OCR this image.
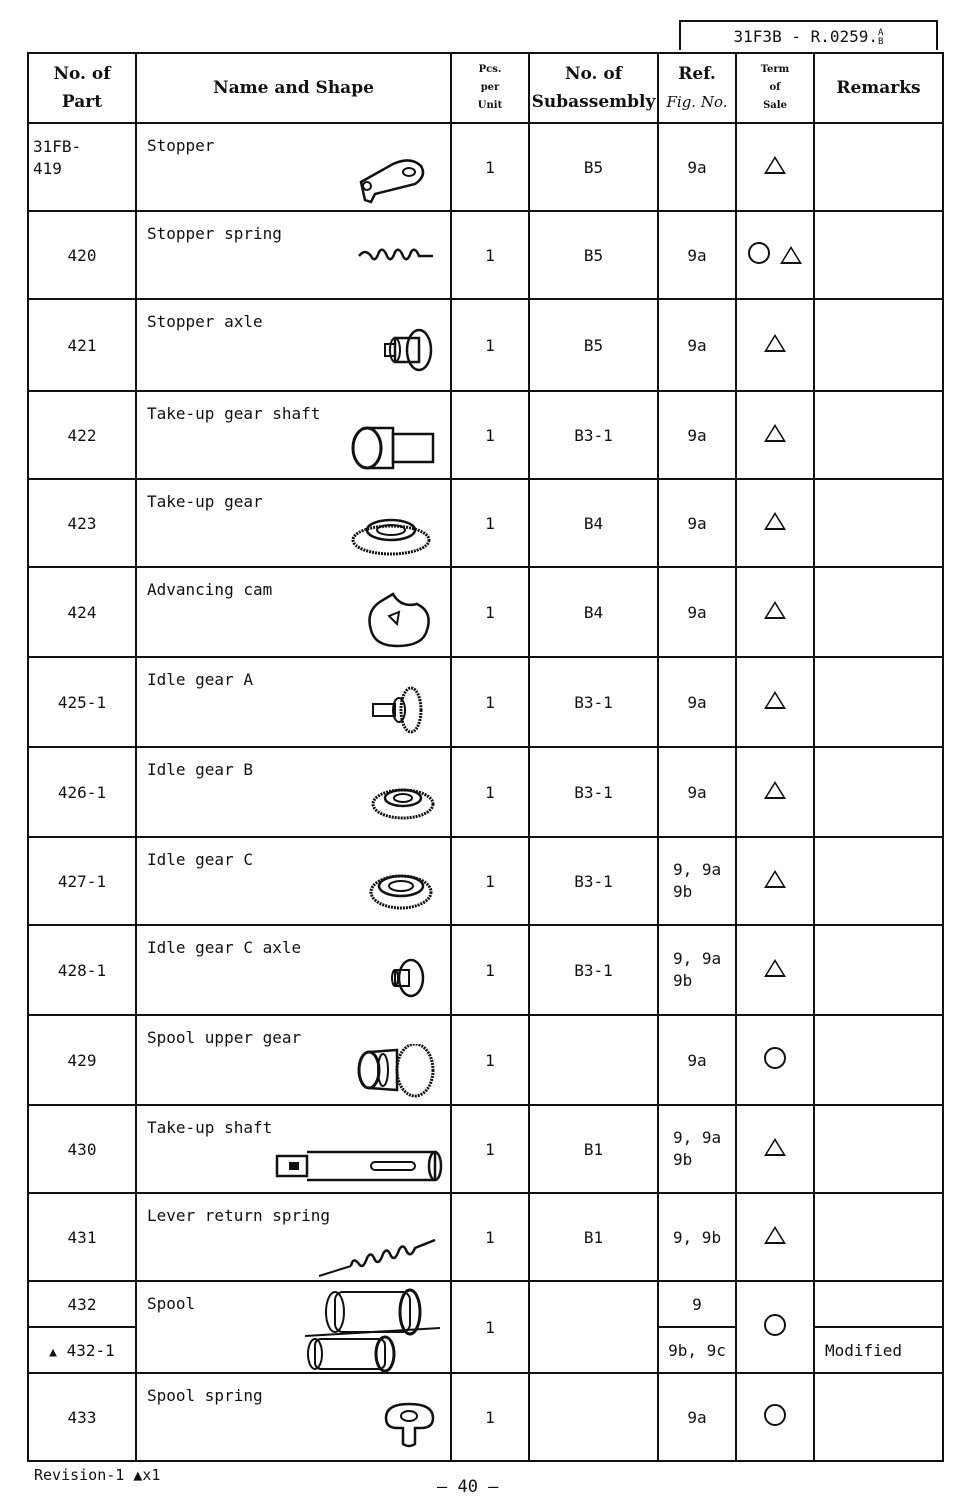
31F3B - R.0259.A
B
No. of
Part	Name and Shape	Pcs.
per
Unit	No. of
Subassembly	Ref.
Fig. No.	Term
of
Sale	Remarks
31FB-
419	Stopper	1	B5	9a		
420	Stopper spring	1	B5	9a		
421	Stopper axle	1	B5	9a		
422	Take-up gear shaft	1	B3-1	9a		
423	Take-up gear	1	B4	9a		
424	Advancing cam	1	B4	9a		
425-1	Idle gear A	1	B3-1	9a		
426-1	Idle gear B	1	B3-1	9a		
427-1	Idle gear C	1	B3-1	9, 9a
9b		
428-1	Idle gear C axle	1	B3-1	9, 9a
9b		
429	Spool upper gear	1		9a		
430	Take-up shaft	1	B1	9, 9a
9b		
431	Lever return spring	1	B1	9, 9b		
432	Spool	1		9		
▲ 432-1				9b, 9c		Modified
433	Spool spring	1		9a		
Revision-1 ▲x1
— 40 —
